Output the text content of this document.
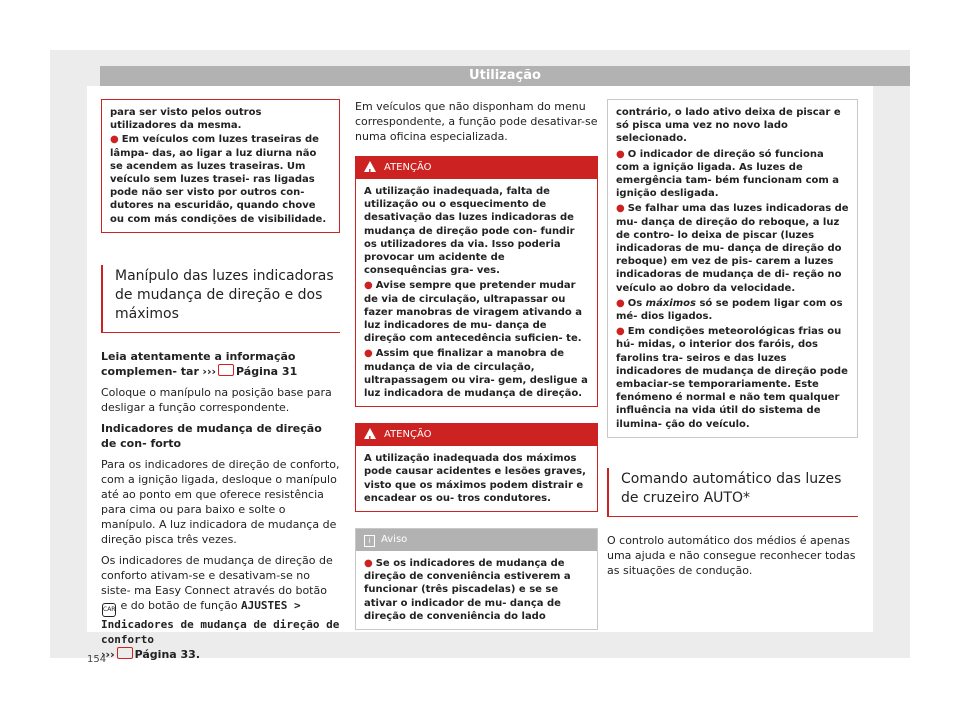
Utilização
para ser visto pelos outros utilizadores da mesma.
● Em veículos com luzes traseiras de lâmpa- das, ao ligar a luz diurna não se acendem as luzes traseiras. Um veículo sem luzes trasei- ras ligadas pode não ser visto por outros con- dutores na escuridão, quando chove ou com más condições de visibilidade.
Manípulo das luzes indicadoras de mudança de direção e dos máximos

Leia atentamente a informação complemen- tar ››› Página 31

Coloque o manípulo na posição base para desligar a função correspondente.

Indicadores de mudança de direção de con- forto

Para os indicadores de direção de conforto, com a ignição ligada, desloque o manípulo até ao ponto em que oferece resistência para cima ou para baixo e solte o manípulo. A luz indicadora de mudança de direção pisca três vezes.

Os indicadores de mudança de direção de conforto ativam-se e desativam-se no siste- ma Easy Connect através do botão CAR e do botão de função AJUSTES > Indicadores de mudança de direção de conforto
››› Página 33.

Em veículos que não disponham do menu correspondente, a função pode desativar-se numa oficina especializada.
!ATENÇÃO
A utilização inadequada, falta de utilização ou o esquecimento de desativação das luzes indicadoras de mudança de direção pode con- fundir os utilizadores da via. Isso poderia provocar um acidente de consequências gra- ves.
● Avise sempre que pretender mudar de via de circulação, ultrapassar ou fazer manobras de viragem ativando a luz indicadores de mu- dança de direção com antecedência suficien- te.
● Assim que finalizar a manobra de mudança de via de circulação, ultrapassagem ou vira- gem, desligue a luz indicadora de mudança de direção.
!ATENÇÃO
A utilização inadequada dos máximos pode causar acidentes e lesões graves, visto que os máximos podem distrair e encadear os ou- tros condutores.
i Aviso
● Se os indicadores de mudança de direção de conveniência estiverem a funcionar (três piscadelas) e se se ativar o indicador de mu- dança de direção de conveniência do lado
contrário, o lado ativo deixa de piscar e só pisca uma vez no novo lado selecionado.
● O indicador de direção só funciona com a ignição ligada. As luzes de emergência tam- bém funcionam com a ignição desligada.
● Se falhar uma das luzes indicadoras de mu- dança de direção do reboque, a luz de contro- lo deixa de piscar (luzes indicadoras de mu- dança de direção do reboque) em vez de pis- carem a luzes indicadoras de mudança de di- reção no veículo ao dobro da velocidade.
● Os máximos só se podem ligar com os mé- dios ligados.
● Em condições meteorológicas frias ou hú- midas, o interior dos faróis, dos farolins tra- seiros e das luzes indicadores de mudança de direção pode embaciar-se temporariamente. Este fenómeno é normal e não tem qualquer influência na vida útil do sistema de ilumina- ção do veículo.
Comando automático das luzes de cruzeiro AUTO*
O controlo automático dos médios é apenas uma ajuda e não consegue reconhecer todas as situações de condução.
154
